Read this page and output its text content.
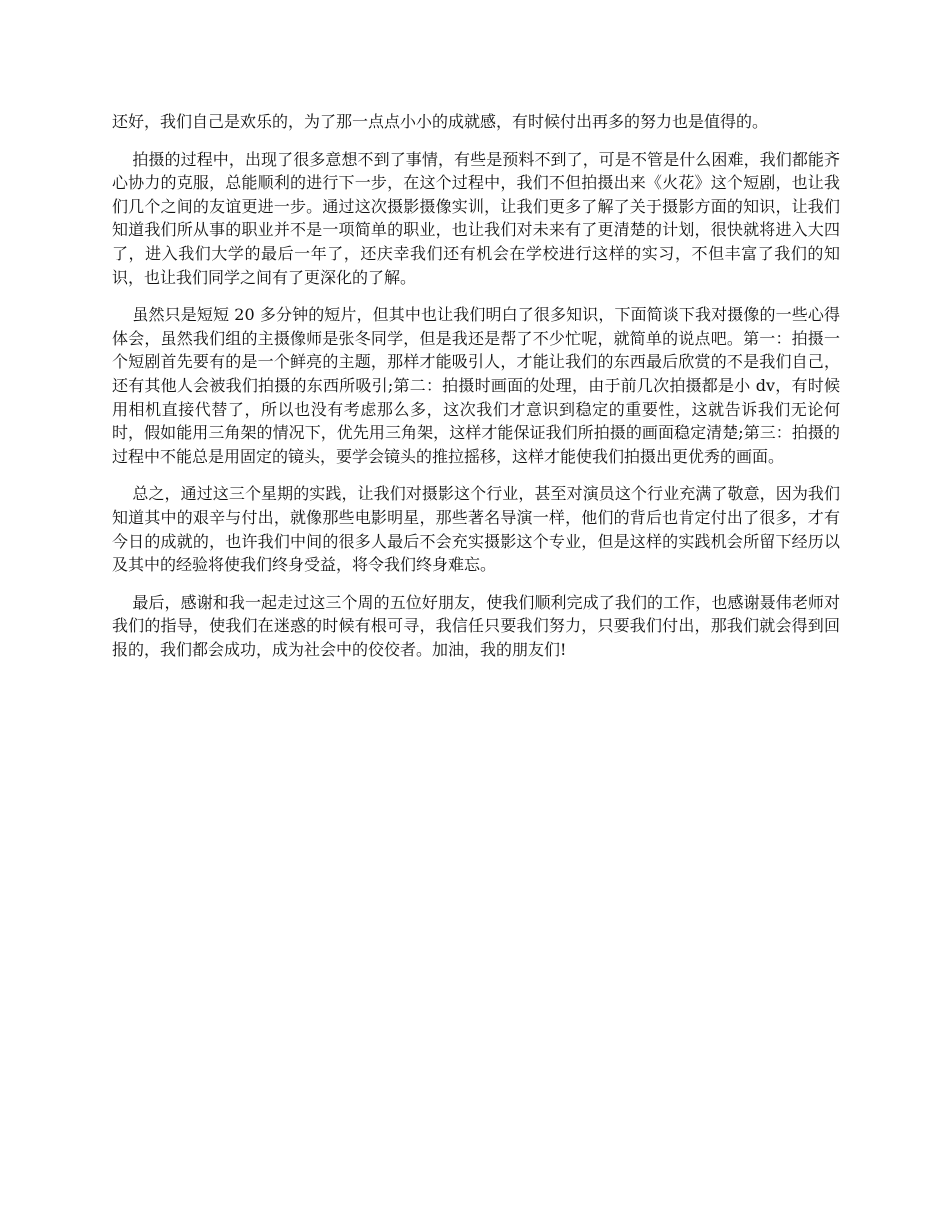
还好，我们自己是欢乐的，为了那一点点小小的成就感，有时候付出再多的努力也是值得的。

拍摄的过程中，出现了很多意想不到了事情，有些是预料不到了，可是不管是什么困难，我们都能齐心协力的克服，总能顺利的进行下一步，在这个过程中，我们不但拍摄出来《火花》这个短剧，也让我们几个之间的友谊更进一步。通过这次摄影摄像实训，让我们更多了解了关于摄影方面的知识，让我们知道我们所从事的职业并不是一项简单的职业，也让我们对未来有了更清楚的计划，很快就将进入大四了，进入我们大学的最后一年了，还庆幸我们还有机会在学校进行这样的实习，不但丰富了我们的知识，也让我们同学之间有了更深化的了解。

虽然只是短短 20 多分钟的短片，但其中也让我们明白了很多知识，下面简谈下我对摄像的一些心得体会，虽然我们组的主摄像师是张冬同学，但是我还是帮了不少忙呢，就简单的说点吧。第一：拍摄一个短剧首先要有的是一个鲜亮的主题，那样才能吸引人，才能让我们的东西最后欣赏的不是我们自己，还有其他人会被我们拍摄的东西所吸引;第二：拍摄时画面的处理，由于前几次拍摄都是小 dv，有时候用相机直接代替了，所以也没有考虑那么多，这次我们才意识到稳定的重要性，这就告诉我们无论何时，假如能用三角架的情况下，优先用三角架，这样才能保证我们所拍摄的画面稳定清楚;第三：拍摄的过程中不能总是用固定的镜头，要学会镜头的推拉摇移，这样才能使我们拍摄出更优秀的画面。

总之，通过这三个星期的实践，让我们对摄影这个行业，甚至对演员这个行业充满了敬意，因为我们知道其中的艰辛与付出，就像那些电影明星，那些著名导演一样，他们的背后也肯定付出了很多，才有今日的成就的，也许我们中间的很多人最后不会充实摄影这个专业，但是这样的实践机会所留下经历以及其中的经验将使我们终身受益，将令我们终身难忘。

最后，感谢和我一起走过这三个周的五位好朋友，使我们顺利完成了我们的工作，也感谢聂伟老师对我们的指导，使我们在迷惑的时候有根可寻，我信任只要我们努力，只要我们付出，那我们就会得到回报的，我们都会成功，成为社会中的佼佼者。加油，我的朋友们!
